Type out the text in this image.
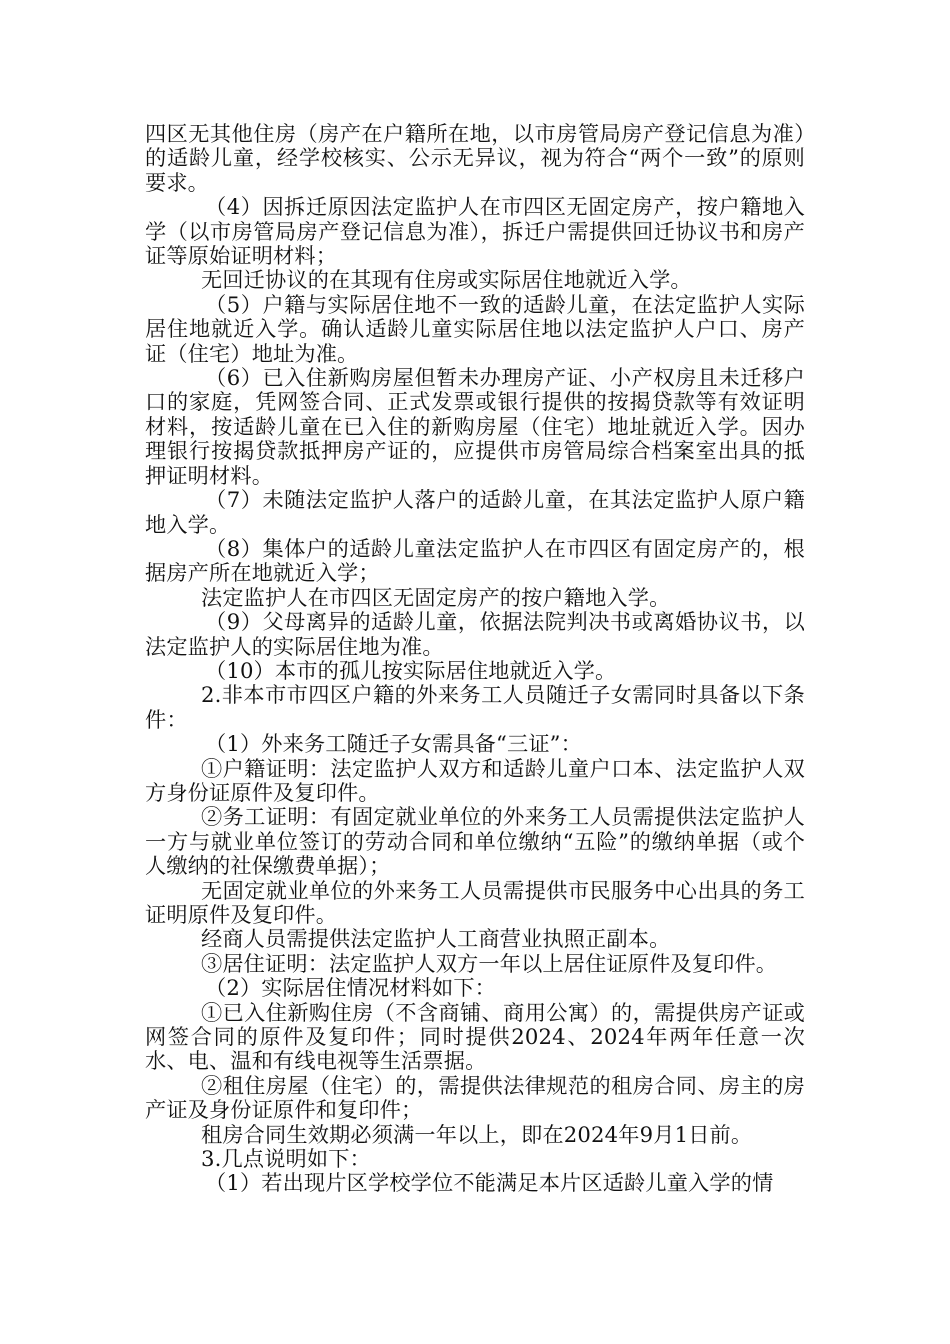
四区无其他住房（房产在户籍所在地，以市房管局房产登记信息为准）的适龄儿童，经学校核实、公示无异议，视为符合“两个一致”的原则要求。

（4）因拆迁原因法定监护人在市四区无固定房产，按户籍地入学（以市房管局房产登记信息为准），拆迁户需提供回迁协议书和房产证等原始证明材料；

无回迁协议的在其现有住房或实际居住地就近入学。

（5）户籍与实际居住地不一致的适龄儿童，在法定监护人实际居住地就近入学。确认适龄儿童实际居住地以法定监护人户口、房产证（住宅）地址为准。

（6）已入住新购房屋但暂未办理房产证、小产权房且未迁移户口的家庭，凭网签合同、正式发票或银行提供的按揭贷款等有效证明材料，按适龄儿童在已入住的新购房屋（住宅）地址就近入学。因办理银行按揭贷款抵押房产证的，应提供市房管局综合档案室出具的抵押证明材料。

（7）未随法定监护人落户的适龄儿童，在其法定监护人原户籍地入学。

（8）集体户的适龄儿童法定监护人在市四区有固定房产的，根据房产所在地就近入学；

法定监护人在市四区无固定房产的按户籍地入学。

（9）父母离异的适龄儿童，依据法院判决书或离婚协议书，以法定监护人的实际居住地为准。

（10）本市的孤儿按实际居住地就近入学。

2.非本市市四区户籍的外来务工人员随迁子女需同时具备以下条件：

（1）外来务工随迁子女需具备“三证”：

①户籍证明：法定监护人双方和适龄儿童户口本、法定监护人双方身份证原件及复印件。

②务工证明：有固定就业单位的外来务工人员需提供法定监护人一方与就业单位签订的劳动合同和单位缴纳“五险”的缴纳单据（或个人缴纳的社保缴费单据）；

无固定就业单位的外来务工人员需提供市民服务中心出具的务工证明原件及复印件。

经商人员需提供法定监护人工商营业执照正副本。

③居住证明：法定监护人双方一年以上居住证原件及复印件。

（2）实际居住情况材料如下：

①已入住新购住房（不含商铺、商用公寓）的，需提供房产证或网签合同的原件及复印件；同时提供2024、2024年两年任意一次水、电、温和有线电视等生活票据。

②租住房屋（住宅）的，需提供法律规范的租房合同、房主的房产证及身份证原件和复印件；

租房合同生效期必须满一年以上，即在2024年9月1日前。

3.几点说明如下：

（1）若出现片区学校学位不能满足本片区适龄儿童入学的情
